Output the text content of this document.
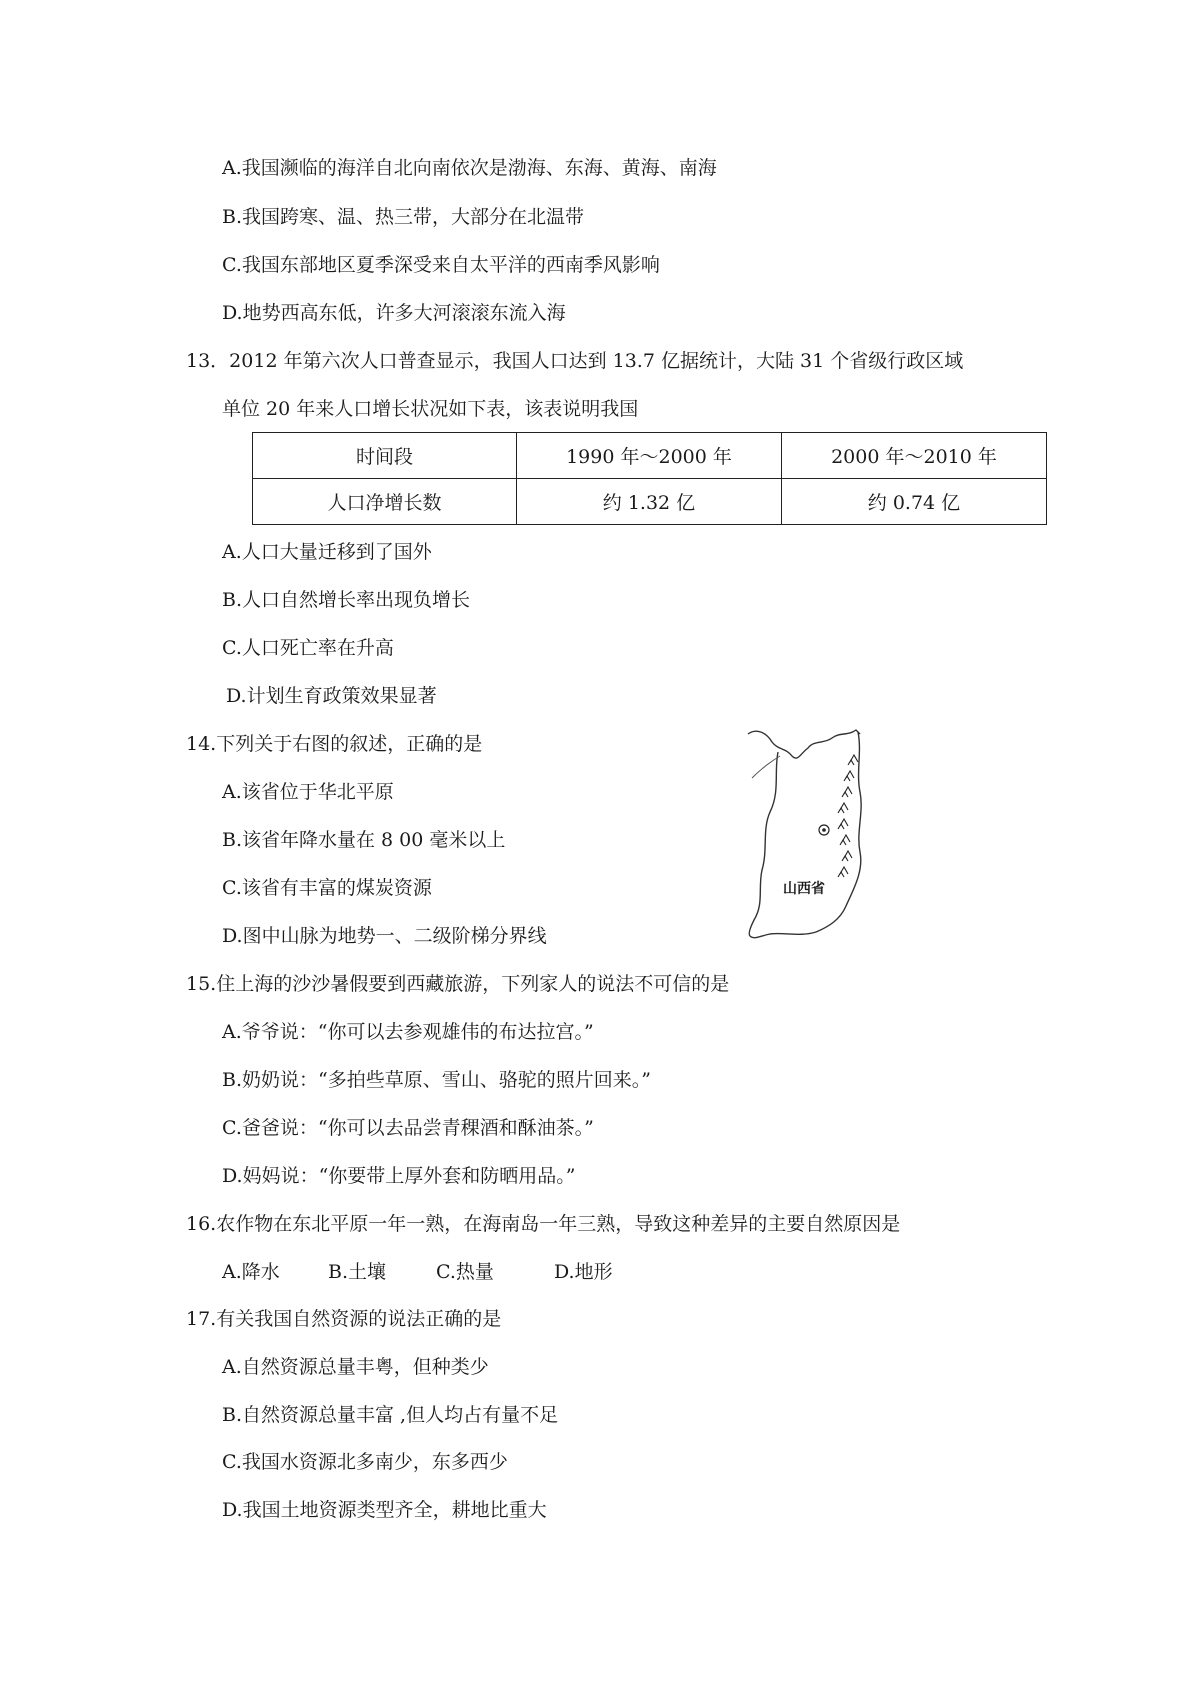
A.我国濒临的海洋自北向南依次是渤海、东海、黄海、南海
B.我国跨寒、温、热三带，大部分在北温带
C.我国东部地区夏季深受来自太平洋的西南季风影响
D.地势西高东低，许多大河滚滚东流入海
13．2012 年第六次人口普查显示，我国人口达到 13.7 亿据统计，大陆 31 个省级行政区域
单位 20 年来人口增长状况如下表，该表说明我国
时间段	1990 年～2000 年	2000 年～2010 年
人口净增长数	约 1.32 亿	约 0.74 亿
A.人口大量迁移到了国外
B.人口自然增长率出现负增长
C.人口死亡率在升高
D.计划生育政策效果显著
14.下列关于右图的叙述，正确的是
A.该省位于华北平原
B.该省年降水量在 8 00 毫米以上
C.该省有丰富的煤炭资源
D.图中山脉为地势一、二级阶梯分界线
山西省
15.住上海的沙沙暑假要到西藏旅游，下列家人的说法不可信的是
A.爷爷说：“你可以去参观雄伟的布达拉宫。”
B.奶奶说：“多拍些草原、雪山、骆驼的照片回来。”
C.爸爸说：“你可以去品尝青稞酒和酥油茶。”
D.妈妈说：“你要带上厚外套和防晒用品。”
16.农作物在东北平原一年一熟，在海南岛一年三熟，导致这种差异的主要自然原因是
A.降水	B.土壤	C.热量	D.地形
17.有关我国自然资源的说法正确的是
A.自然资源总量丰粤，但种类少
B.自然资源总量丰富 ,但人均占有量不足
C.我国水资源北多南少，东多西少
D.我国土地资源类型齐全，耕地比重大
